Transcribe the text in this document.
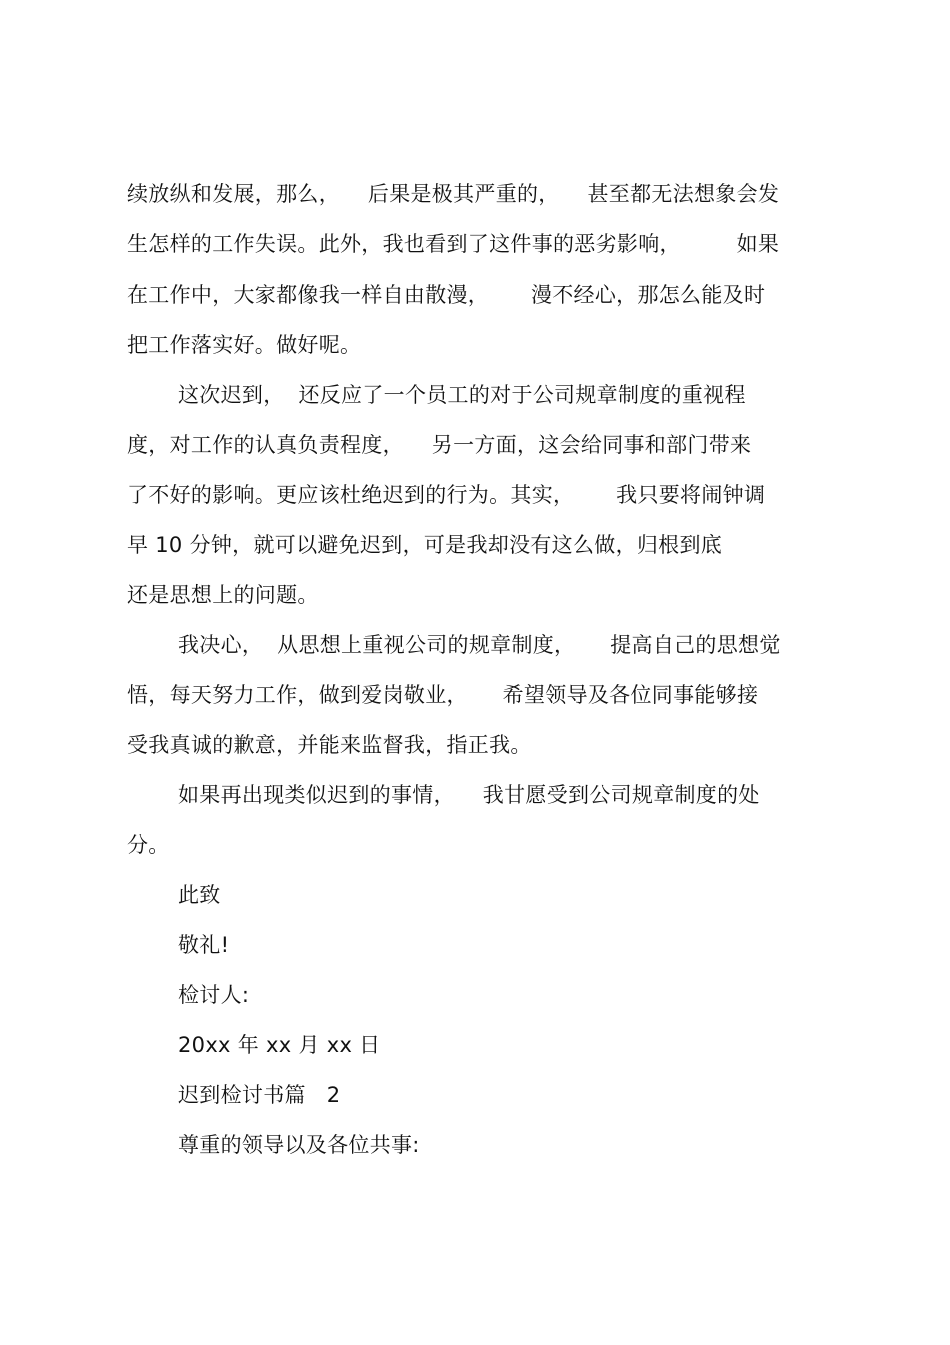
续放纵和发展，那么，    后果是极其严重的，    甚至都无法想象会发
生怎样的工作失误。此外，我也看到了这件事的恶劣影响，        如果
在工作中，大家都像我一样自由散漫，      漫不经心，那怎么能及时
把工作落实好。做好呢。
这次迟到，  还反应了一个员工的对于公司规章制度的重视程
度，对工作的认真负责程度，    另一方面，这会给同事和部门带来
了不好的影响。更应该杜绝迟到的行为。其实，      我只要将闹钟调
早 10 分钟，就可以避免迟到，可是我却没有这么做，归根到底
还是思想上的问题。
我决心，  从思想上重视公司的规章制度，     提高自己的思想觉
悟，每天努力工作，做到爱岗敬业，     希望领导及各位同事能够接
受我真诚的歉意，并能来监督我，指正我。
如果再出现类似迟到的事情，    我甘愿受到公司规章制度的处
分。
此致
敬礼!
检讨人:
20xx 年 xx 月 xx 日
迟到检讨书篇   2
尊重的领导以及各位共事:
